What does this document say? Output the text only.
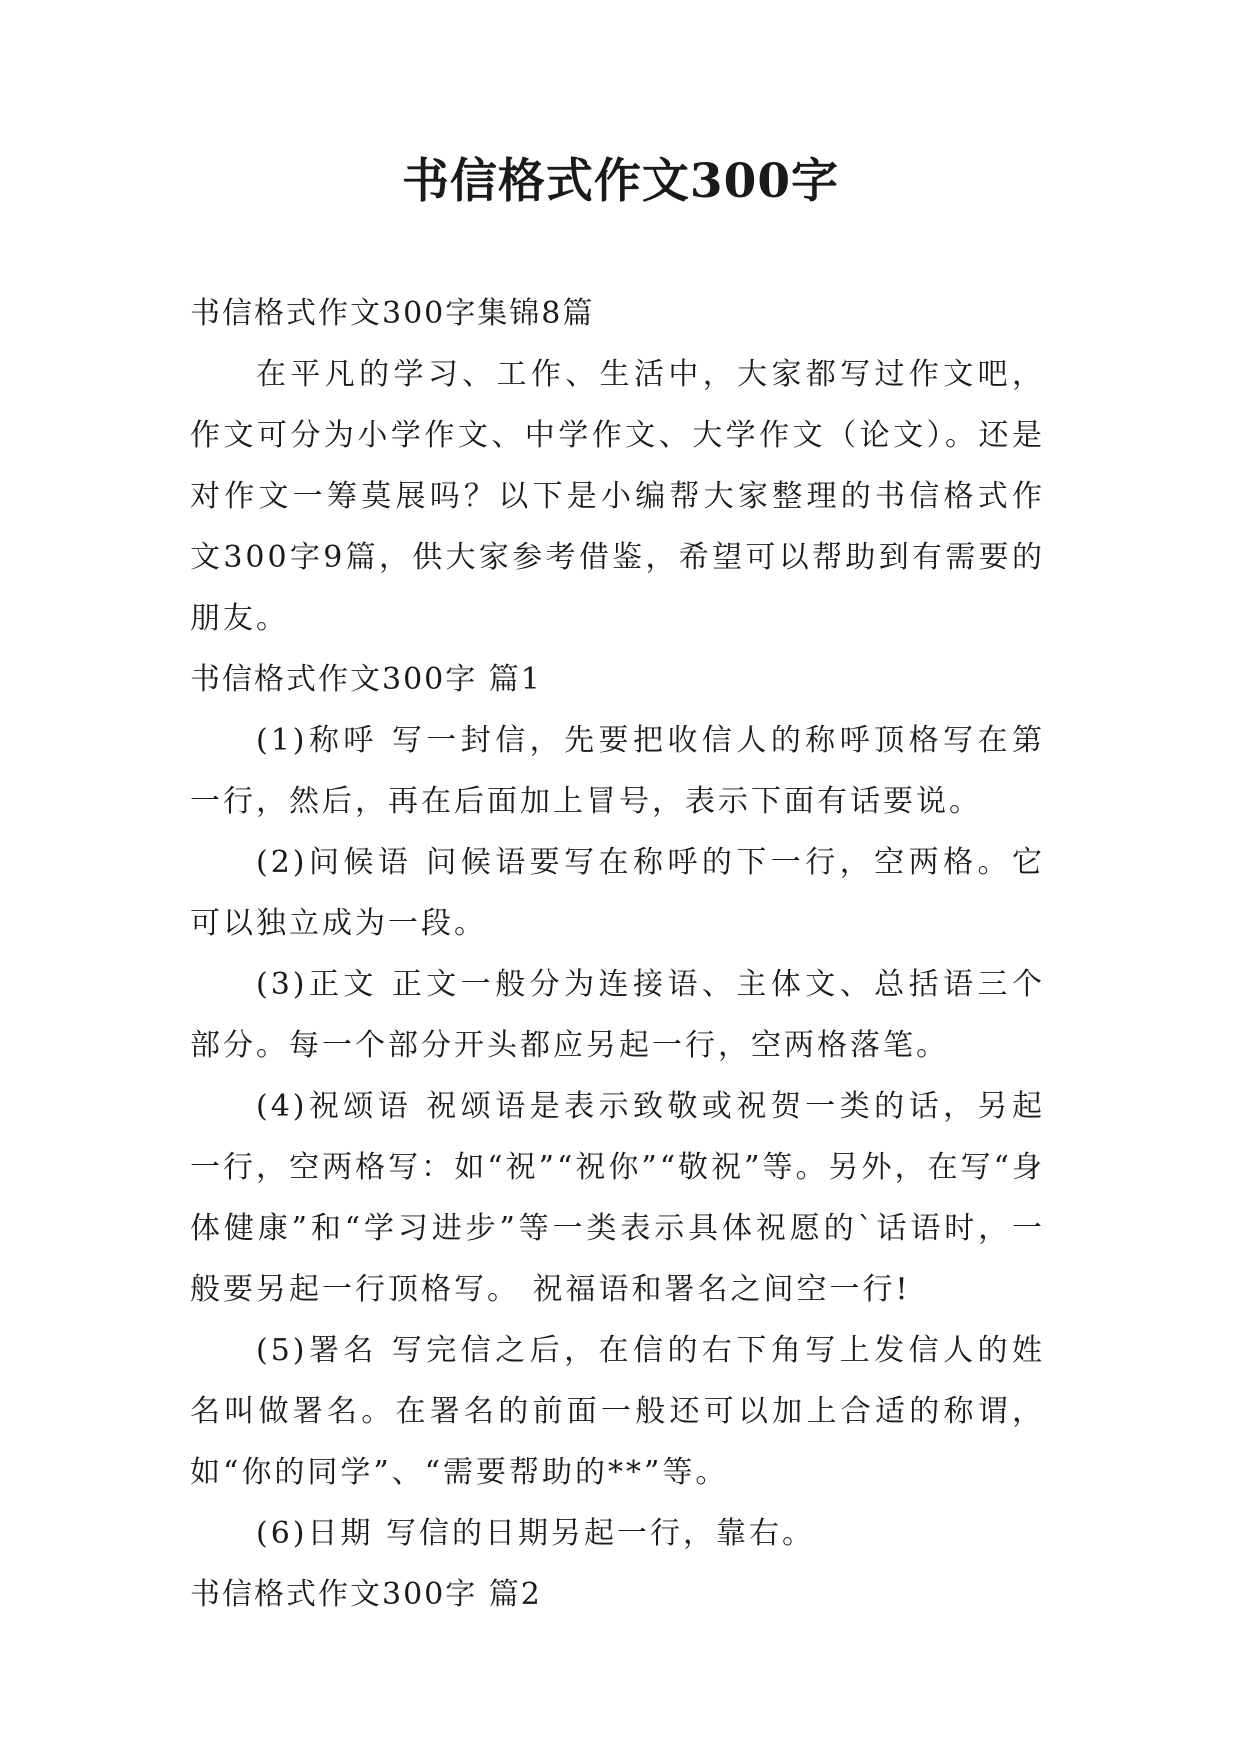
书信格式作文300字

书信格式作文300字集锦8篇

在平凡的学习、工作、生活中，大家都写过作文吧，作文可分为小学作文、中学作文、大学作文（论文）。还是对作文一筹莫展吗？以下是小编帮大家整理的书信格式作文300字9篇，供大家参考借鉴，希望可以帮助到有需要的朋友。

书信格式作文300字 篇1

(1)称呼 写一封信，先要把收信人的称呼顶格写在第一行，然后，再在后面加上冒号，表示下面有话要说。

(2)问候语 问候语要写在称呼的下一行，空两格。它可以独立成为一段。

(3)正文 正文一般分为连接语、主体文、总括语三个部分。每一个部分开头都应另起一行，空两格落笔。

(4)祝颂语 祝颂语是表示致敬或祝贺一类的话，另起一行，空两格写：如“祝”“祝你”“敬祝”等。另外，在写“身体健康”和“学习进步”等一类表示具体祝愿的`话语时，一般要另起一行顶格写。 祝福语和署名之间空一行!

(5)署名 写完信之后，在信的右下角写上发信人的姓名叫做署名。在署名的前面一般还可以加上合适的称谓，如“你的同学”、“需要帮助的**”等。

(6)日期 写信的日期另起一行，靠右。

书信格式作文300字 篇2
